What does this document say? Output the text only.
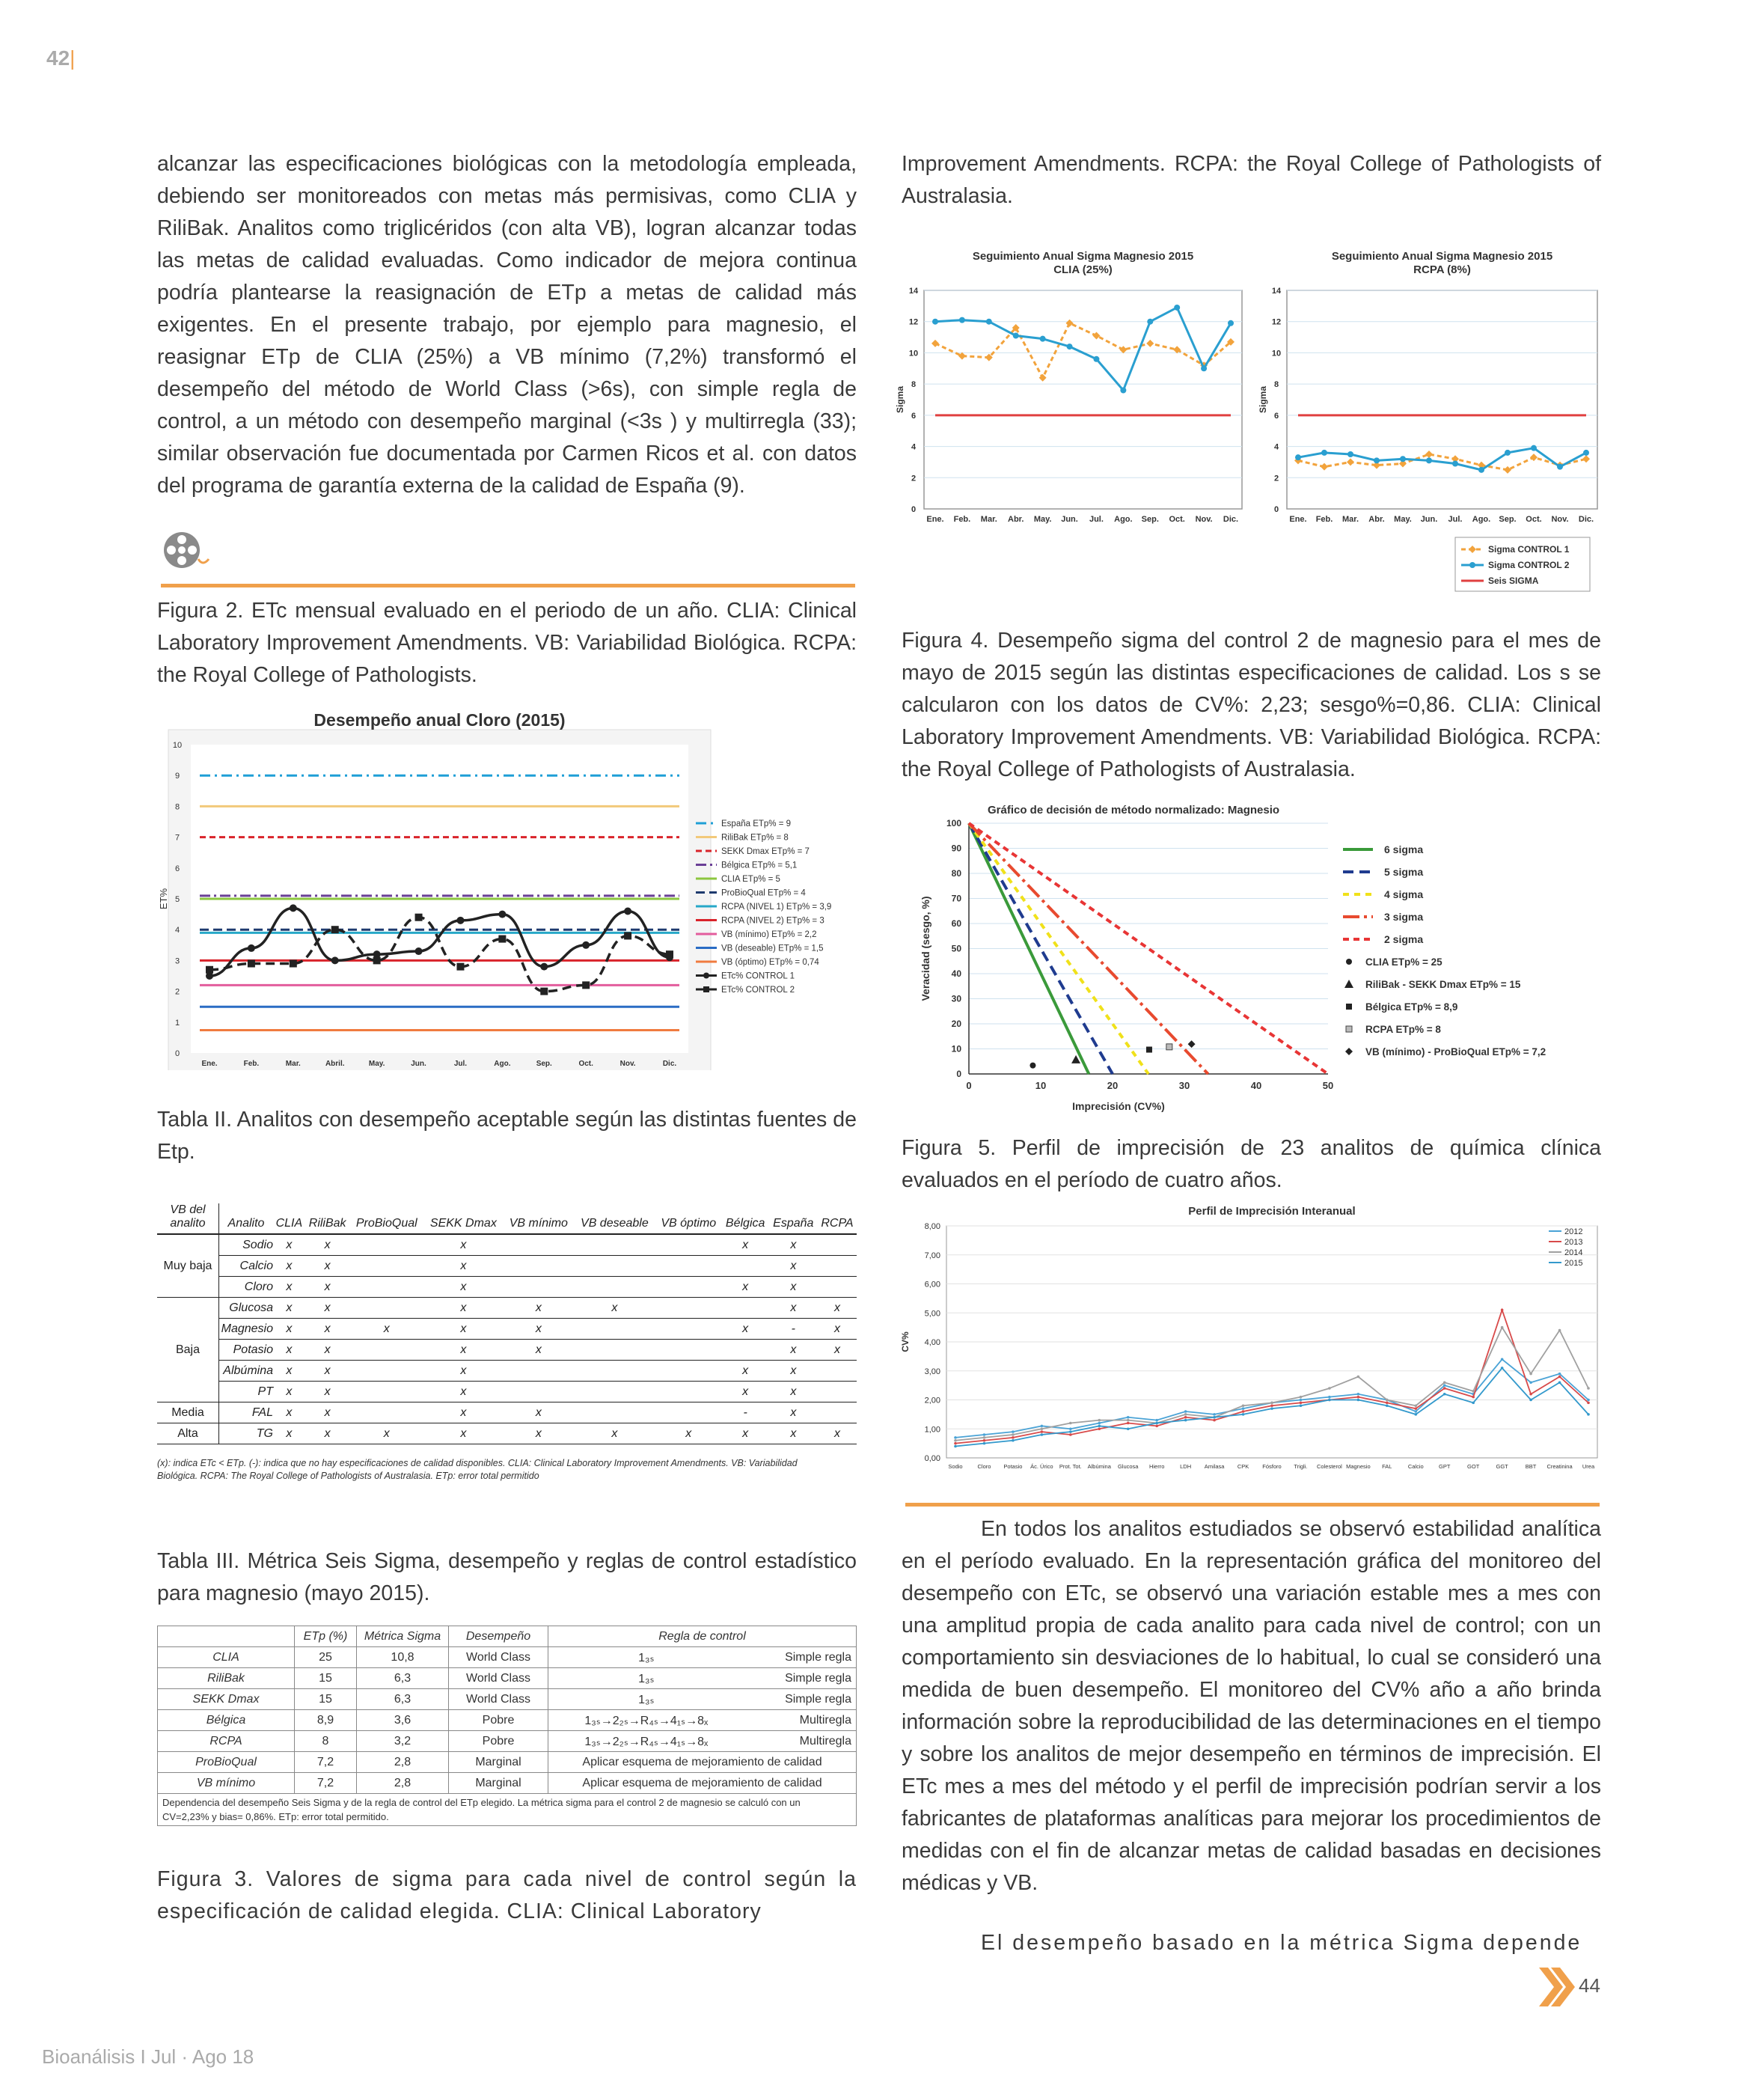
42|
alcanzar las especificaciones biológicas con la metodología empleada, debiendo ser monitoreados con metas más permisivas, como CLIA y RiliBak. Analitos como triglicéridos (con alta VB), logran alcanzar todas las metas de calidad evaluadas. Como indicador de mejora continua podría plantearse la reasignación de ETp a metas de calidad más exigentes. En el presente trabajo, por ejemplo para magnesio, el reasignar ETp de CLIA (25%) a VB mínimo (7,2%) transformó el desempeño del método de World Class (>6s), con simple regla de control, a un método con desempeño marginal (<3s ) y multirregla (33); similar observación fue documentada por Carmen Ricos et al. con datos del programa de garantía externa de la calidad de España (9).
Figura 2. ETc mensual evaluado en el periodo de un año. CLIA: Clinical Laboratory Improvement Amendments. VB: Variabilidad Biológica. RCPA: the Royal College of Pathologists.
Desempeño anual Cloro (2015)
ET%
0
1
2
3
4
5
6
7
8
9
10
Ene.	Feb.	Mar.	Abril.	May.	Jun.	Jul.	Ago.	Sep.	Oct.	Nov.	Dic.
España ETp% = 9
RiliBak ETp% = 8
SEKK Dmax ETp% = 7
Bélgica ETp% = 5,1
CLIA ETp% = 5
ProBioQual ETp% = 4
RCPA (NIVEL 1) ETp% = 3,9
RCPA (NIVEL 2) ETp% = 3
VB (mínimo) ETp% = 2,2
VB (deseable) ETp% = 1,5
VB (óptimo) ETp% = 0,74
ETc% CONTROL 1
ETc% CONTROL 2
Tabla II. Analitos con desempeño aceptable según las distintas fuentes de Etp.
VB del analito	Analito	CLIA	RiliBak	ProBioQual	SEKK Dmax	VB mínimo	VB deseable	VB óptimo	Bélgica	España	RCPA
Muy baja	Sodio	x	x		x				x	x	
	Calcio	x	x		x					x	
	Cloro	x	x		x				x	x	
Baja	Glucosa	x	x		x	x	x			x	x
	Magnesio	x	x	x	x	x			x	-	x
	Potasio	x	x		x	x				x	x
	Albúmina	x	x		x				x	x	
	PT	x	x		x				x	x	
Media	FAL	x	x		x	x			-	x	
Alta	TG	x	x	x	x	x	x	x	x	x	x
(x): indica ETc < ETp. (-): indica que no hay especificaciones de calidad disponibles. CLIA: Clinical Laboratory Improvement Amendments. VB: Variabilidad
Biológica. RCPA: The Royal College of Pathologists of Australasia. ETp: error total permitido
Tabla III. Métrica Seis Sigma, desempeño y reglas de control estadístico para magnesio (mayo 2015).
	ETp (%)	Métrica Sigma	Desempeño	Regla de control	
CLIA	25	10,8	World Class	1₃ₛ	Simple regla
RiliBak	15	6,3	World Class	1₃ₛ	Simple regla
SEKK Dmax	15	6,3	World Class	1₃ₛ	Simple regla
Bélgica	8,9	3,6	Pobre	1₃ₛ→2₂ₛ→R₄ₛ→4₁ₛ→8ₓ	Multiregla
RCPA	8	3,2	Pobre	1₃ₛ→2₂ₛ→R₄ₛ→4₁ₛ→8ₓ	Multiregla
ProBioQual	7,2	2,8	Marginal	Aplicar esquema de mejoramiento de calidad	
VB mínimo	7,2	2,8	Marginal	Aplicar esquema de mejoramiento de calidad	
Dependencia del desempeño Seis Sigma y de la regla de control del ETp elegido. La métrica sigma para el control 2 de magnesio se calculó con un
CV=2,23% y bias= 0,86%. ETp: error total permitido.
Figura 3. Valores de sigma para cada nivel de control según la especificación de calidad elegida. CLIA: Clinical Laboratory
Improvement Amendments. RCPA: the Royal College of Pathologists of Australasia.
Seguimiento Anual Sigma Magnesio 2015
CLIA (25%)
Sigma
0
2
4
6
8
10
12
14
Ene. Feb. Mar. Abr. May. Jun. Jul. Ago. Sep. Oct. Nov. Dic.
Seguimiento Anual Sigma Magnesio 2015
RCPA (8%)
Sigma
0
2
4
6
8
10
12
14
Ene. Feb. Mar. Abr. May. Jun. Jul. Ago. Sep. Oct. Nov. Dic.
Sigma CONTROL 1
Sigma CONTROL 2
Seis SIGMA
Figura 4. Desempeño sigma del control 2 de magnesio para el mes de mayo de 2015 según las distintas especificaciones de calidad. Los s se calcularon con los datos de CV%: 2,23; sesgo%=0,86. CLIA: Clinical Laboratory Improvement Amendments. VB: Variabilidad Biológica. RCPA: the Royal College of Pathologists of Australasia.
Gráfico de decisión de método normalizado: Magnesio
0
10
20
30
40
50
60
70
80
90
100
0	10	20	30	40	50
Imprecisión (CV%)
Veracidad (sesgo, %)
6 sigma
5 sigma
4 sigma
3 sigma
2 sigma
CLIA ETp% = 25
RiliBak - SEKK Dmax ETp% = 15
Bélgica ETp% = 8,9
RCPA ETp% = 8
VB (mínimo) - ProBioQual ETp% = 7,2
Figura 5. Perfil de imprecisión de 23 analitos de química clínica evaluados en el período de cuatro años.
Perfil de Imprecisión Interanual
0,00
1,00
2,00
3,00
4,00
5,00
6,00
7,00
8,00
CV%
Sodio	Cloro Potasio Ác. Úrico Prot. Tot. Albúmina Glucosa Hierro	LDH Amilasa CPK Fósforo Trigli. Colesterol Magnesio FAL	Calcio	GPT	GOT	GGT	BBT Creatinina Urea
2012
2013
2014
2015
En todos los analitos estudiados se observó estabilidad analítica en el período evaluado. En la representación gráfica del monitoreo del desempeño con ETc, se observó una variación estable mes a mes con una amplitud propia de cada analito para cada nivel de control; con un comportamiento sin desviaciones de lo habitual, lo cual se consideró una medida de buen desempeño. El monitoreo del CV% año a año brinda información sobre la reproducibilidad de las determinaciones en el tiempo y sobre los analitos de mejor desempeño en términos de imprecisión. El ETc mes a mes del método y el perfil de imprecisión podrían servir a los fabricantes de plataformas analíticas para mejorar los procedimientos de medidas con el fin de alcanzar metas de calidad basadas en decisiones médicas y VB.
El desempeño basado en la métrica Sigma depende
44
Bioanálisis I Jul · Ago 18
